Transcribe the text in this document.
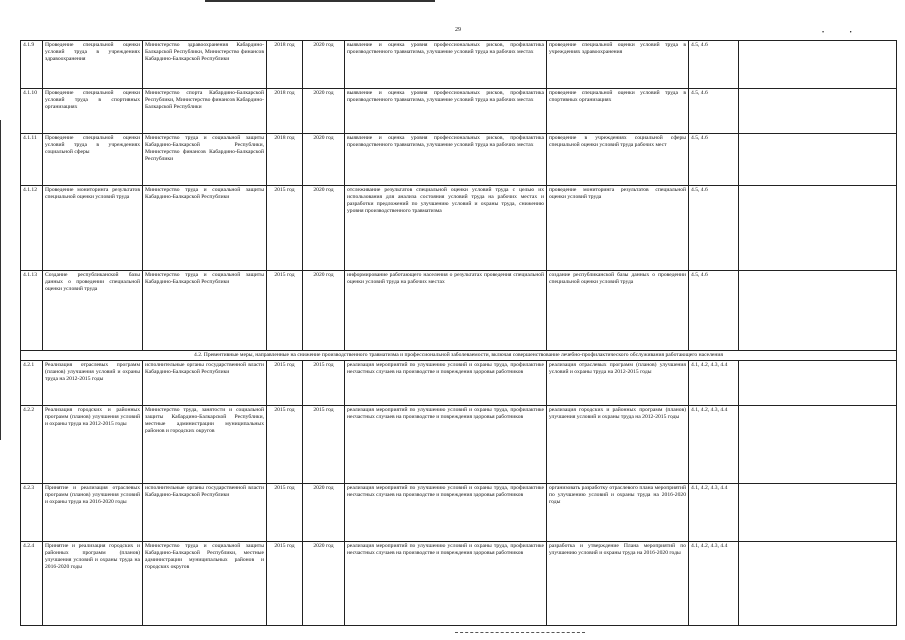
29	• •
4.1.9	Проведение специальной оценки условий труда в учреждениях здравоохранения	Министерство здравоохранения Кабардино-Балкарской Республики, Министерство финансов Кабардино-Балкарской Республики	2018 год	2020 год	выявление и оценка уровня профессиональных рисков, профилактика производственного травматизма, улучшение условий труда на рабочих местах	проведение специальной оценки условий труда в учреждениях здравоохранения	4.5, 4.6	
4.1.10	Проведение специальной оценки условий труда в спортивных организациях	Министерство спорта Кабардино-Балкарской Республики, Министерство финансов Кабардино-Балкарской Республики	2018 год	2020 год	выявление и оценка уровня профессиональных рисков, профилактика производственного травматизма, улучшение условий труда на рабочих местах	проведение специальной оценки условий труда в спортивных организациях	4.5, 4.6	
4.1.11	Проведение специальной оценки условий труда в учреждениях социальной сферы	Министерство труда и социальной защиты Кабардино-Балкарской Республики, Министерство финансов Кабардино-Балкарской Республики	2018 год	2020 год	выявление и оценка уровня профессиональных рисков, профилактика производственного травматизма, улучшение условий труда на рабочих местах	проведение в учреждениях социальной сферы специальной оценки условий труда рабочих мест	4.5, 4.6	
4.1.12	Проведение мониторинга результатов специальной оценки условий труда	Министерство труда и социальной защиты Кабардино-Балкарской Республики	2015 год	2020 год	отслеживание результатов специальной оценки условий труда с целью их использования для анализа состояния условий труда на рабочих местах и разработки предложений по улучшению условий и охраны труда, снижению уровня производственного травматизма	проведение мониторинга результатов специальной оценки условий труда	4.5, 4.6	
4.1.13	Создание республиканской базы данных о проведении специальной оценки условий труда	Министерство труда и социальной защиты Кабардино-Балкарской Республики	2015 год	2020 год	информирование работающего населения о результатах проведения специальной оценки условий труда на рабочих местах	создание республиканской базы данных о проведении специальной оценки условий труда	4.5, 4.6	
4.2. Превентивные меры, направленные на снижение производственного травматизма и профессиональной заболеваемости, включая совершенствование лечебно-профилактического обслуживания работающего населения								
4.2.1	Реализация отраслевых программ (планов) улучшения условий и охраны труда на 2012-2015 годы	исполнительные органы государственной власти Кабардино-Балкарской Республики	2015 год	2015 год	реализация мероприятий по улучшению условий и охраны труда, профилактике несчастных случаев на производстве и повреждения здоровья работников	реализация отраслевых программ (планов) улучшения условий и охраны труда на 2012-2015 годы	4.1, 4.2, 4.3, 4.4	
4.2.2	Реализация городских и районных программ (планов) улучшения условий и охраны труда на 2012-2015 годы	Министерство труда, занятости и социальной защиты Кабардино-Балкарской Республики, местные администрации муниципальных районов и городских округов	2015 год	2015 год	реализация мероприятий по улучшению условий и охраны труда, профилактике несчастных случаев на производстве и повреждения здоровья работников	реализация городских и районных программ (планов) улучшения условий и охраны труда на 2012-2015 годы	4.1, 4.2, 4.3, 4.4	
4.2.3	Принятие и реализация отраслевых программ (планов) улучшения условий и охраны труда на 2016-2020 годы	исполнительные органы государственной власти Кабардино-Балкарской Республики	2015 год	2020 год	реализация мероприятий по улучшению условий и охраны труда, профилактике несчастных случаев на производстве и повреждения здоровья работников	организовать разработку отраслевого плана мероприятий по улучшению условий и охраны труда на 2016-2020 годы	4.1, 4.2, 4.3, 4.4	
4.2.4	Принятие и реализация городских и районных программ (планов) улучшения условий и охраны труда на 2016-2020 годы	Министерство труда и социальной защиты Кабардино-Балкарской Республики, местные администрации муниципальных районов и городских округов	2015 год	2020 год	реализация мероприятий по улучшению условий и охраны труда, профилактике несчастных случаев на производстве и повреждения здоровья работников	разработка и утверждение Плана мероприятий по улучшению условий и охраны труда на 2016-2020 годы	4.1, 4.2, 4.3, 4.4	
